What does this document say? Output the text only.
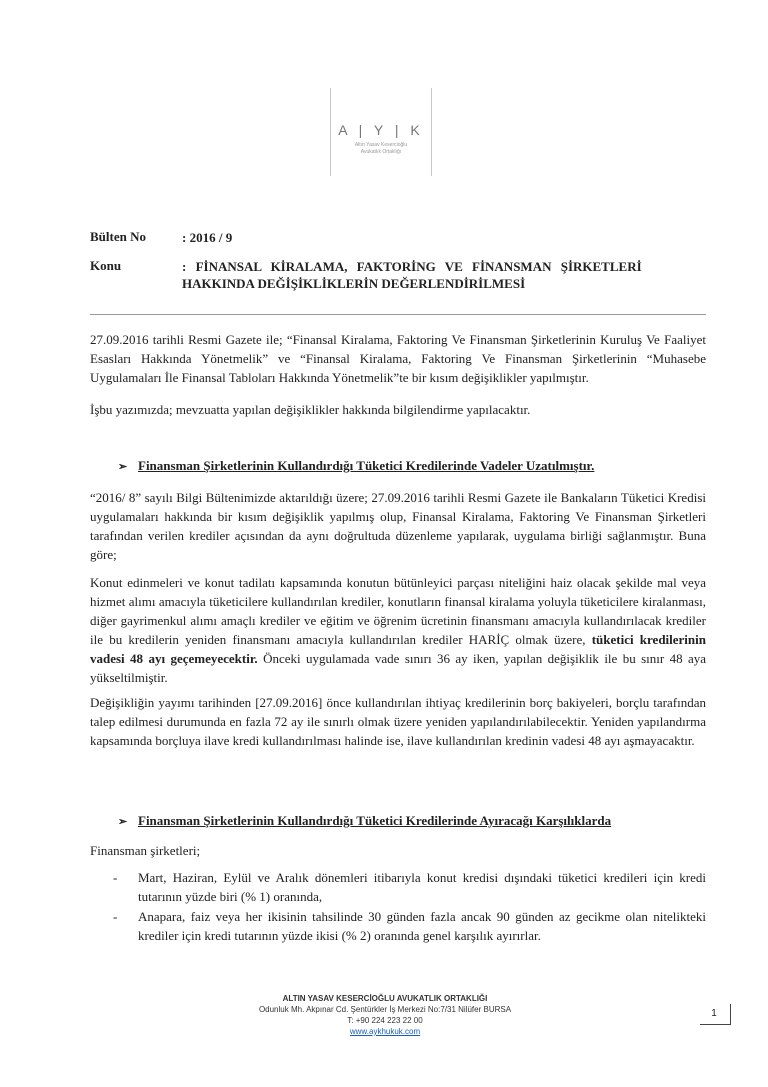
A | Y | K
Altın Yasav Kesercioğlu
Avukatlık Ortaklığı
Bülten No	: 2016 / 9
Konu	: FİNANSAL KİRALAMA, FAKTORİNG VE FİNANSMAN ŞİRKETLERİ
HAKKINDA DEĞİŞİKLİKLERİN DEĞERLENDİRİLMESİ

27.09.2016 tarihli Resmi Gazete ile; “Finansal Kiralama, Faktoring Ve Finansman Şirketlerinin Kuruluş Ve Faaliyet Esasları Hakkında Yönetmelik” ve “Finansal Kiralama, Faktoring Ve Finansman Şirketlerinin “Muhasebe Uygulamaları İle Finansal Tabloları Hakkında Yönetmelik”te bir kısım değişiklikler yapılmıştır.

İşbu yazımızda; mevzuatta yapılan değişiklikler hakkında bilgilendirme yapılacaktır.

➢ Finansman Şirketlerinin Kullandırdığı Tüketici Kredilerinde Vadeler Uzatılmıştır.

“2016/ 8” sayılı Bilgi Bültenimizde aktarıldığı üzere; 27.09.2016 tarihli Resmi Gazete ile Bankaların Tüketici Kredisi uygulamaları hakkında bir kısım değişiklik yapılmış olup, Finansal Kiralama, Faktoring Ve Finansman Şirketleri tarafından verilen krediler açısından da aynı doğrultuda düzenleme yapılarak, uygulama birliği sağlanmıştır. Buna göre;

Konut edinmeleri ve konut tadilatı kapsamında konutun bütünleyici parçası niteliğini haiz olacak şekilde mal veya hizmet alımı amacıyla tüketicilere kullandırılan krediler, konutların finansal kiralama yoluyla tüketicilere kiralanması, diğer gayrimenkul alımı amaçlı krediler ve eğitim ve öğrenim ücretinin finansmanı amacıyla kullandırılacak krediler ile bu kredilerin yeniden finansmanı amacıyla kullandırılan krediler HARİÇ olmak üzere, tüketici kredilerinin vadesi 48 ayı geçemeyecektir. Önceki uygulamada vade sınırı 36 ay iken, yapılan değişiklik ile bu sınır 48 aya yükseltilmiştir.

Değişikliğin yayımı tarihinden [27.09.2016] önce kullandırılan ihtiyaç kredilerinin borç bakiyeleri, borçlu tarafından talep edilmesi durumunda en fazla 72 ay ile sınırlı olmak üzere yeniden yapılandırılabilecektir. Yeniden yapılandırma kapsamında borçluya ilave kredi kullandırılması halinde ise, ilave kullandırılan kredinin vadesi 48 ayı aşmayacaktır.

➢ Finansman Şirketlerinin Kullandırdığı Tüketici Kredilerinde Ayıracağı Karşılıklarda

Finansman şirketleri;

- Mart, Haziran, Eylül ve Aralık dönemleri itibarıyla konut kredisi dışındaki tüketici kredileri için kredi tutarının yüzde biri (% 1) oranında,
- Anapara, faiz veya her ikisinin tahsilinde 30 günden fazla ancak 90 günden az gecikme olan nitelikteki krediler için kredi tutarının yüzde ikisi (% 2) oranında genel karşılık ayırırlar.
ALTIN YASAV KESERCİOĞLU AVUKATLIK ORTAKLIĞI
Odunluk Mh. Akpınar Cd. Şentürkler İş Merkezi No:7/31 Nilüfer BURSA
T: +90 224 223 22 00
www.aykhukuk.com
1
